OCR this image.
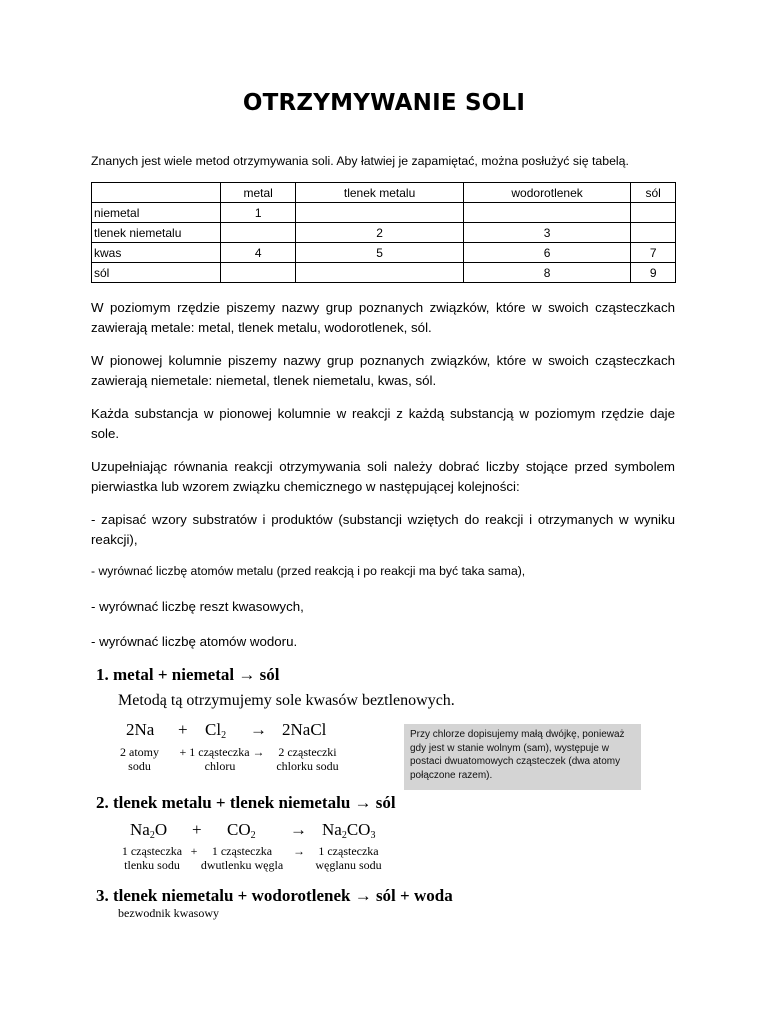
OTRZYMYWANIE SOLI
Znanych jest wiele metod otrzymywania soli. Aby łatwiej je zapamiętać, można posłużyć się tabelą.
	metal	tlenek metalu	wodorotlenek	sól
niemetal	1			
tlenek niemetalu		2	3	
kwas	4	5	6	7
sól			8	9
W poziomym rzędzie piszemy nazwy grup poznanych związków, które w swoich cząsteczkach zawierają metale: metal, tlenek metalu, wodorotlenek, sól.
W pionowej kolumnie piszemy nazwy grup poznanych związków, które w swoich cząsteczkach zawierają niemetale: niemetal, tlenek niemetalu, kwas, sól.
Każda substancja w pionowej kolumnie w reakcji z każdą substancją w poziomym rzędzie daje sole.
Uzupełniając równania reakcji otrzymywania soli należy dobrać liczby stojące przed symbolem pierwiastka lub wzorem związku chemicznego w następującej kolejności:
- zapisać wzory substratów i produktów (substancji wziętych do reakcji i otrzymanych w wyniku reakcji),
- wyrównać liczbę atomów metalu (przed reakcją i po reakcji ma być taka sama),
- wyrównać liczbę reszt kwasowych,
- wyrównać liczbę atomów wodoru.
1. metal + niemetal → sól
Metodą tą otrzymujemy sole kwasów beztlenowych.
$2Na + Cl_2$ → 2NaCl
2 atomy
sodu
+ 1 cząsteczka →
chloru
2 cząsteczki
chlorku sodu
Przy chlorze dopisujemy małą dwójkę, ponieważ gdy jest w stanie wolnym (sam), występuje w postaci dwuatomowych cząsteczek (dwa atomy połączone razem).
2. tlenek metalu + tlenek niemetalu → sól
$Na_2O + CO_2 \to Na_2CO_3$
1 cząsteczka
tlenku sodu
+	1 cząsteczka
dwutlenku węgla
→	1 cząsteczka
węglanu sodu
3. tlenek niemetalu + wodorotlenek → sól + woda
bezwodnik kwasowy
